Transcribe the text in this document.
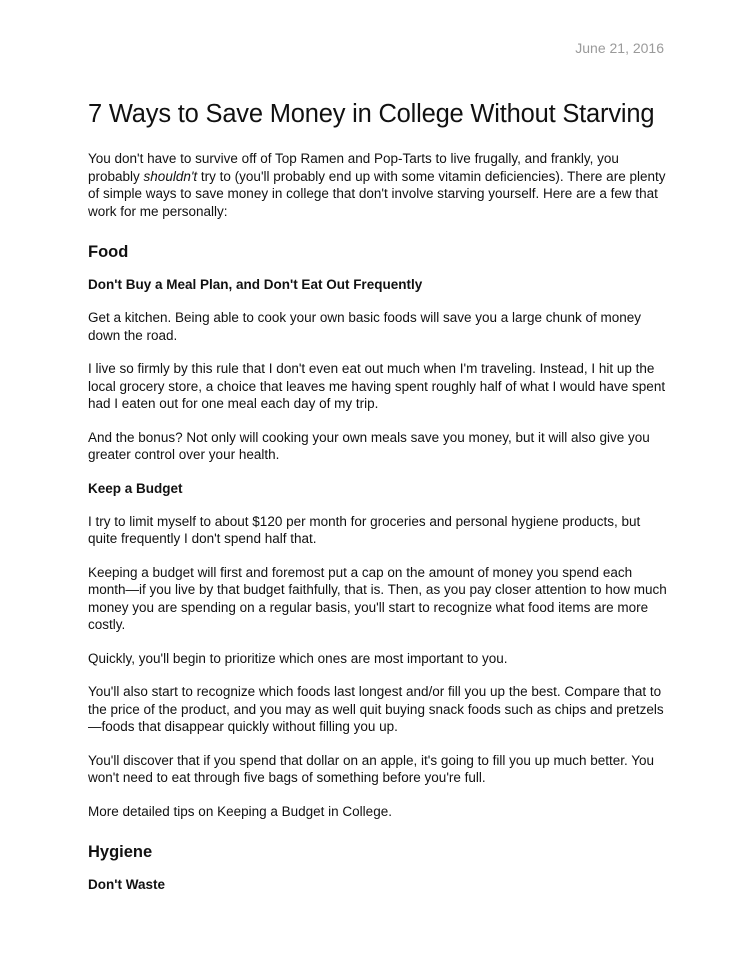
June 21, 2016
7 Ways to Save Money in College Without Starving

You don't have to survive off of Top Ramen and Pop-Tarts to live frugally, and frankly, you probably shouldn't try to (you'll probably end up with some vitamin deficiencies). There are plenty of simple ways to save money in college that don't involve starving yourself. Here are a few that work for me personally:

Food
Don't Buy a Meal Plan, and Don't Eat Out Frequently

Get a kitchen. Being able to cook your own basic foods will save you a large chunk of money down the road.

I live so firmly by this rule that I don't even eat out much when I'm traveling. Instead, I hit up the local grocery store, a choice that leaves me having spent roughly half of what I would have spent had I eaten out for one meal each day of my trip.

And the bonus? Not only will cooking your own meals save you money, but it will also give you greater control over your health.

Keep a Budget

I try to limit myself to about $120 per month for groceries and personal hygiene products, but quite frequently I don't spend half that.

Keeping a budget will first and foremost put a cap on the amount of money you spend each month—if you live by that budget faithfully, that is. Then, as you pay closer attention to how much money you are spending on a regular basis, you'll start to recognize what food items are more costly.

Quickly, you'll begin to prioritize which ones are most important to you.

You'll also start to recognize which foods last longest and/or fill you up the best. Compare that to the price of the product, and you may as well quit buying snack foods such as chips and pretzels—foods that disappear quickly without filling you up.

You'll discover that if you spend that dollar on an apple, it's going to fill you up much better. You won't need to eat through five bags of something before you're full.

More detailed tips on Keeping a Budget in College.

Hygiene
Don't Waste
